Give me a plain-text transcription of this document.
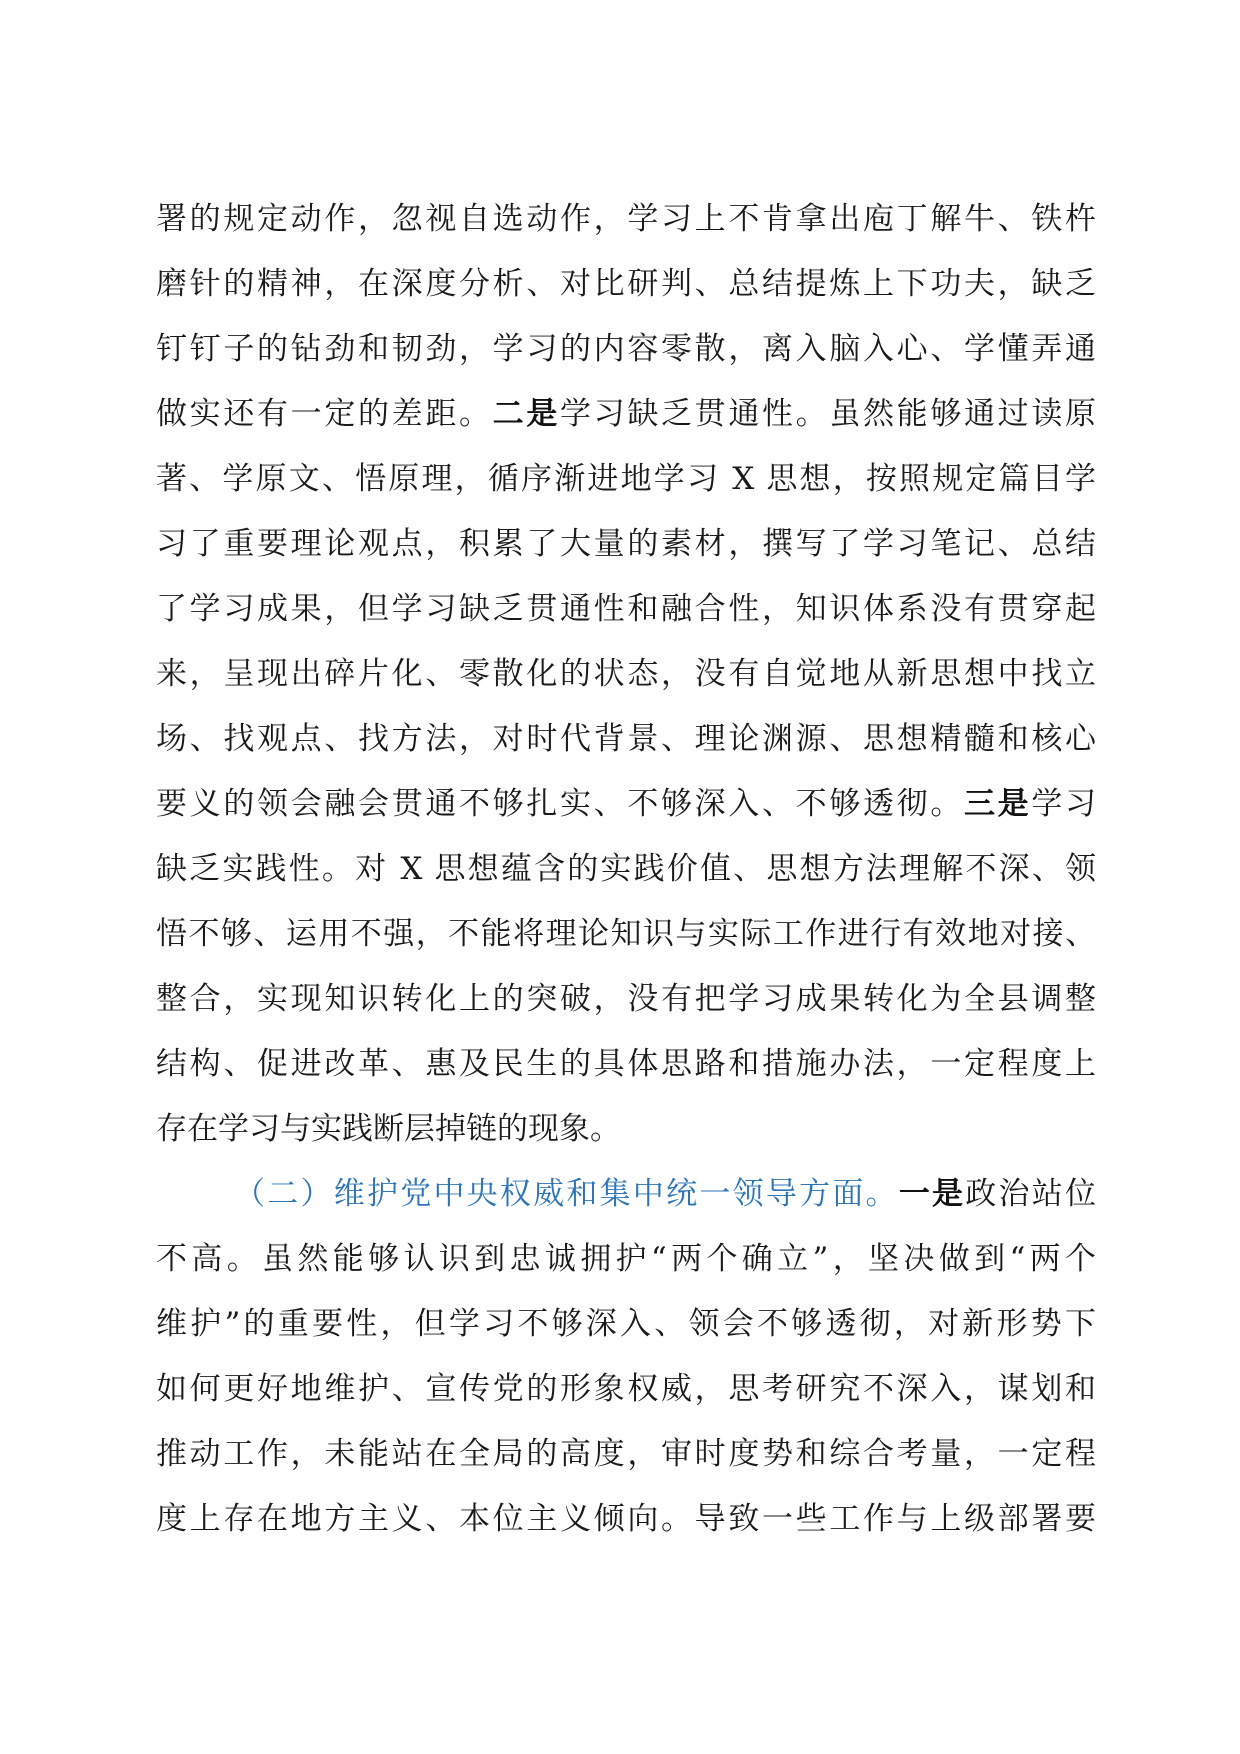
署的规定动作，忽视自选动作，学习上不肯拿出庖丁解牛、铁杵
磨针的精神，在深度分析、对比研判、总结提炼上下功夫，缺乏
钉钉子的钻劲和韧劲，学习的内容零散，离入脑入心、学懂弄通
做实还有一定的差距。二是学习缺乏贯通性。虽然能够通过读原
著、学原文、悟原理，循序渐进地学习 X 思想，按照规定篇目学
习了重要理论观点，积累了大量的素材，撰写了学习笔记、总结
了学习成果，但学习缺乏贯通性和融合性，知识体系没有贯穿起
来，呈现出碎片化、零散化的状态，没有自觉地从新思想中找立
场、找观点、找方法，对时代背景、理论渊源、思想精髓和核心
要义的领会融会贯通不够扎实、不够深入、不够透彻。三是学习
缺乏实践性。对 X 思想蕴含的实践价值、思想方法理解不深、领
悟不够、运用不强，不能将理论知识与实际工作进行有效地对接、
整合，实现知识转化上的突破，没有把学习成果转化为全县调整
结构、促进改革、惠及民生的具体思路和措施办法，一定程度上
存在学习与实践断层掉链的现象。
（二）维护党中央权威和集中统一领导方面。一是政治站位
不高。虽然能够认识到忠诚拥护“两个确立”，坚决做到“两个
维护”的重要性，但学习不够深入、领会不够透彻，对新形势下
如何更好地维护、宣传党的形象权威，思考研究不深入，谋划和
推动工作，未能站在全局的高度，审时度势和综合考量，一定程
度上存在地方主义、本位主义倾向。导致一些工作与上级部署要
